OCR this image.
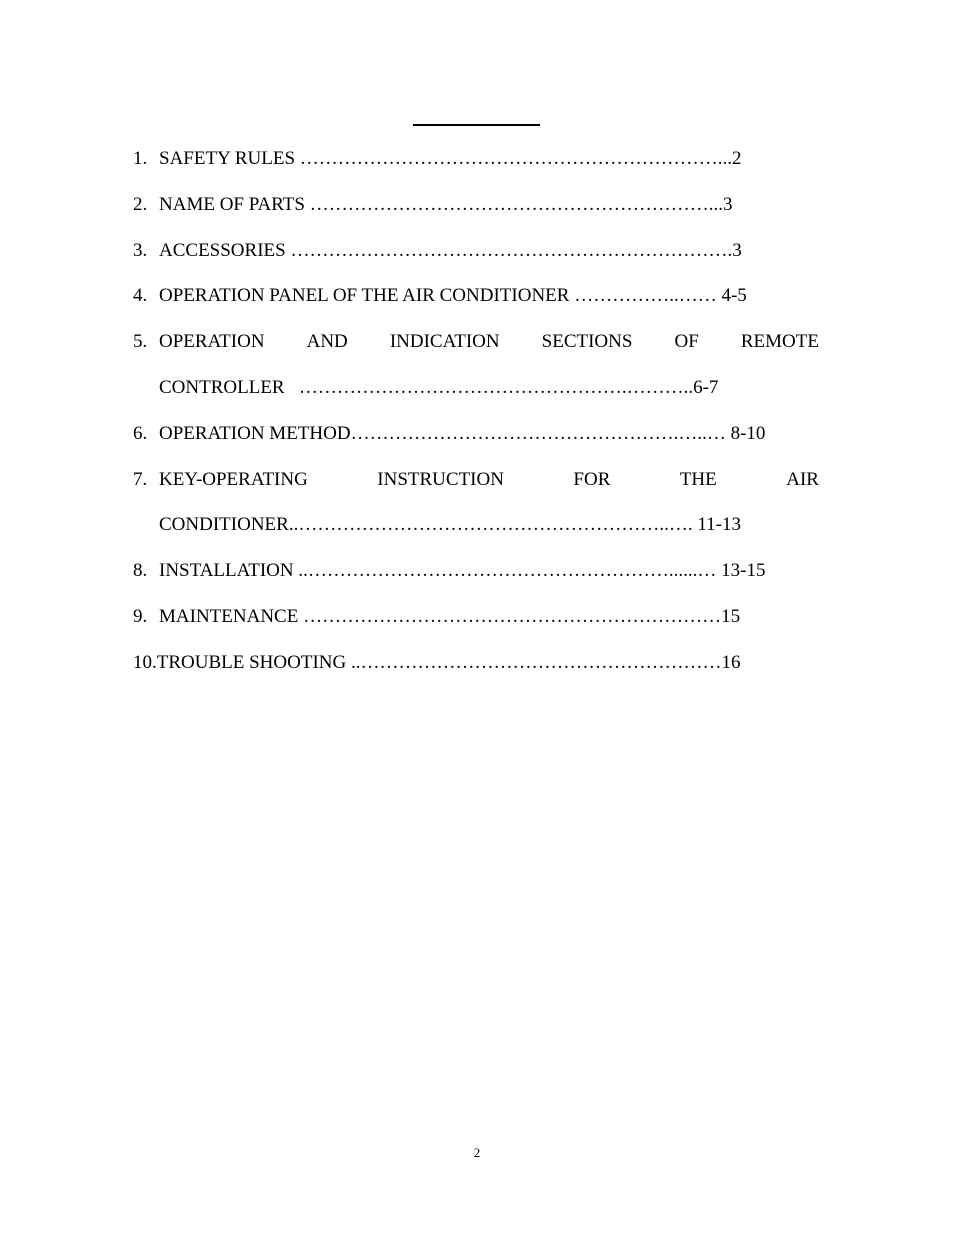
1. SAFETY RULES …………………………………………………………...2
2. NAME OF PARTS ………………………………………………………...3
3. ACCESSORIES …………………………………………………………….3
4. OPERATION PANEL OF THE AIR CONDITIONER ……………..…… 4-5
5. OPERATION AND INDICATION SECTIONS OF REMOTE
CONTROLLER   …………………………………………….………..6-7
6. OPERATION METHOD…………………………………………….…..… 8-10
7. KEY-OPERATING	INSTRUCTION	FOR	THE	AIR
CONDITIONER..…………………………………………………..…. 11-13
8. INSTALLATION ..…………………………………………………......… 13-15
9. MAINTENANCE …………………………………………………………15
10. TROUBLE SHOOTING ..…………………………………………………16
2
